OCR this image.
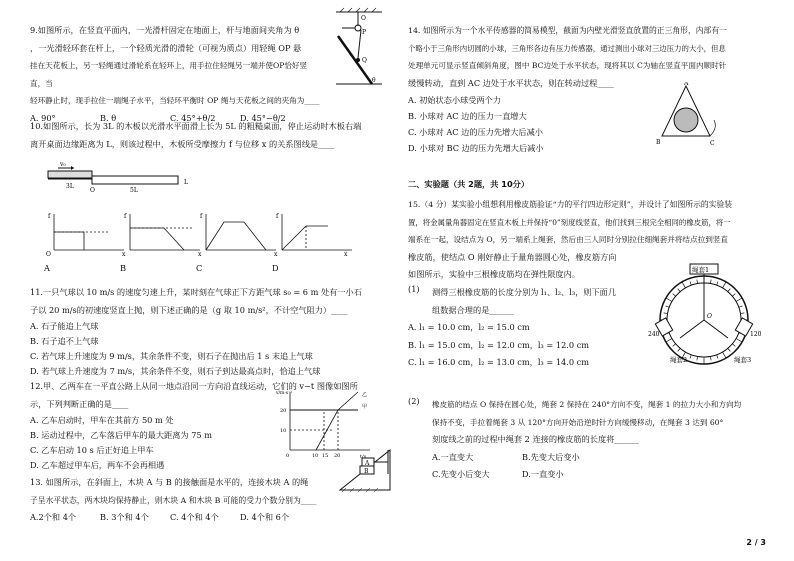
9.如图所示，在竖直平面内，一光滑杆固定在地面上，杆与地面间夹角为 θ

，一光滑轻环套在杆上，一个轻质光滑的滑轮（可视为质点）用轻绳 OP 悬

挂在天花板上，另一轻绳通过滑轮系在轻环上，用手拉住轻绳另一端并使OP恰好竖直，当

轻环静止时，现手拉住一端绳子水平，当轻环平衡时 OP 绳与天花板之间的夹角为____

A. 90°	B. θ	C. 45°+θ/2	D. 45°−θ/2
O
P
Q
θ

10.如图所示，长为 3L 的木板以光滑水平面滑上长为 5L 的粗糙桌面，停止运动时木板右端

离开桌面边缘距离为 L，则该过程中，木板所受摩擦力 f 与位移 x 的关系图线是____

v₀
3L
O	5L
L
O	x
f
x
f
x
f
x
f
A	B	C	D

11.一只气球以 10 m/s 的速度匀速上升，某时刻在气球正下方距气球 s₀ = 6 m 处有一小石

子以 20 m/s的初速度竖直上抛，则下述正确的是（g 取 10 m/s²，不计空气阻力）____

A. 石子能追上气球

B. 石子追不上气球

C. 若气球上升速度为 9 m/s，其余条件不变，则石子在抛出后 1 s 末追上气球

D. 若气球上升速度为 7 m/s，其余条件不变，则石子到达最高点时，恰追上气球

12.甲、乙两车在一平直公路上从同一地点沿同一方向沿直线运动，它们的 v−t 图像如图所

示，下列判断正确的是____

A. 乙车启动时，甲车在其前方 50 m 处

B. 运动过程中，乙车落后甲车的最大距离为 75 m

C. 乙车启动 10 s 后正好追上甲车

D. 乙车超过甲车后，两车不会再相遇

v/m·s⁻¹
t/s
20
10
0	10 15 20
甲
乙

13. 如图所示，在斜面上，木块 A 与 B 的接触面是水平的，连接木块 A 的绳

子呈水平状态，两木块均保持静止，则木块 A 和木块 B 可能的受力个数分别为____

A.2个和 4个	B. 3个和 4个	C. 4个和 4个	D. 4个和 6个
A
B

14. 如图所示为一个水平传感器的简易模型，截面为内壁光滑竖直放置的正三角形，内部有一

个略小于三角形内切圆的小球，三角形各边有压力传感器，通过测出小球对三边压力的大小，但息

处理单元可显示竖直倾斜角度，图中 BC边处于水平状态，现将其以 C为轴在竖直平面内顺时针

缓慢转动，直到 AC 边处于水平状态，则在转动过程____

A. 初始状态小球受两个力

B. 小球对 AC 边的压力一直增大

C. 小球对 AC 边的压力先增大后减小

D. 小球对 BC 边的压力先增大后减小

A
B	C

二、实验题（共 2题，共 10分）

15.（4 分）某实验小组想利用橡皮筋验证“力的平行四边形定则”，并设计了如图所示的实验装

置，将金属量角器固定在竖直木板上并保持“0”刻度线竖直，他们找到三根完全相同的橡皮筋，将一

端系在一起，设结点为 O，另一端系上绳套，然后由三人同时分别拉住细绳套并将结点拉到竖直

橡皮筋，使结点 O 刚好静止于量角器圆心处，橡皮筋方向

如图所示，实验中三根橡皮筋均在弹性限度内。

(1)	测得三根橡皮筋的长度分别为 l₁、l₂、l₃，则下面几

组数据合理的是______

A. l₁ = 10.0 cm，l₂ = 15.0 cm

B. l₁ = 15.0 cm，l₂ = 12.0 cm，l₃ = 12.0 cm

C. l₁ = 16.0 cm，l₂ = 13.0 cm，l₃ = 14.0 cm

绳套1
绳套2	绳套3
240	120
O
(2)	橡皮筋的结点 O 保持在圆心处，绳套 2 保持在 240°方向不变，绳套 1 的拉力大小和方向均

保持不变，手拉着绳套 3 从 120°方向开始沿逆时针方向缓慢移动，在绳套 3 达到 60°

刻度线之前的过程中绳套 2 连接的橡皮筋的长度将______

A.一直变大	B.先变大后变小
C.先变小后变大	D.一直变小
2 / 3
